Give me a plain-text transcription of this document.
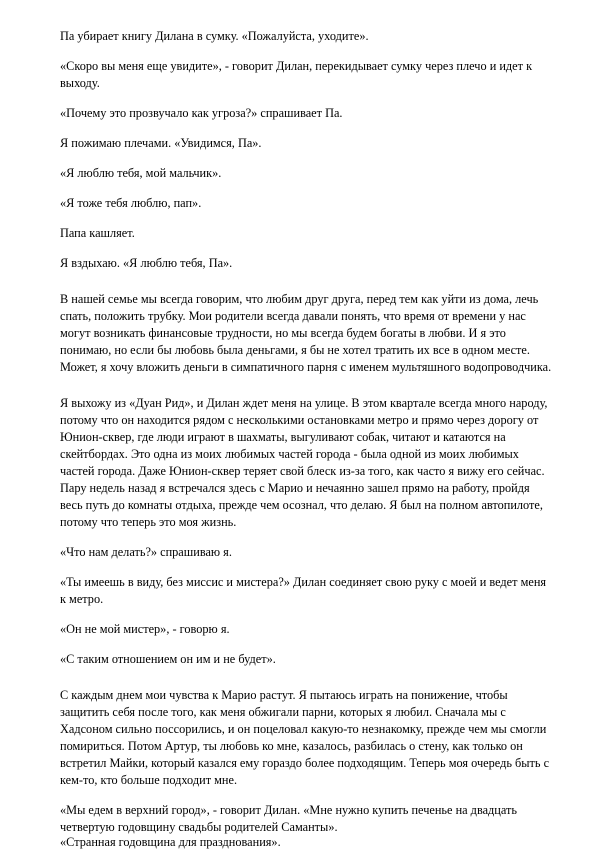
Па убирает книгу Дилана в сумку. «Пожалуйста, уходите».
«Скоро вы меня еще увидите», - говорит Дилан, перекидывает сумку через плечо и идет к
выходу.
«Почему это прозвучало как угроза?» спрашивает Па.
Я пожимаю плечами. «Увидимся, Па».
«Я люблю тебя, мой мальчик».
«Я тоже тебя люблю, пап».
Папа кашляет.
Я вздыхаю. «Я люблю тебя, Па».
В нашей семье мы всегда говорим, что любим друг друга, перед тем как уйти из дома, лечь
спать, положить трубку. Мои родители всегда давали понять, что время от времени у нас
могут возникать финансовые трудности, но мы всегда будем богаты в любви. И я это
понимаю, но если бы любовь была деньгами, я бы не хотел тратить их все в одном месте.
Может, я хочу вложить деньги в симпатичного парня с именем мультяшного водопроводчика.
Я выхожу из «Дуан Рид», и Дилан ждет меня на улице. В этом квартале всегда много народу,
потому что он находится рядом с несколькими остановками метро и прямо через дорогу от
Юнион-сквер, где люди играют в шахматы, выгуливают собак, читают и катаются на
скейтбордах. Это одна из моих любимых частей города - была одной из моих любимых
частей города. Даже Юнион-сквер теряет свой блеск из-за того, как часто я вижу его сейчас.
Пару недель назад я встречался здесь с Марио и нечаянно зашел прямо на работу, пройдя
весь путь до комнаты отдыха, прежде чем осознал, что делаю. Я был на полном автопилоте,
потому что теперь это моя жизнь.
«Что нам делать?» спрашиваю я.
«Ты имеешь в виду, без миссис и мистера?» Дилан соединяет свою руку с моей и ведет меня
к метро.
«Он не мой мистер», - говорю я.
«С таким отношением он им и не будет».
С каждым днем мои чувства к Марио растут. Я пытаюсь играть на понижение, чтобы
защитить себя после того, как меня обжигали парни, которых я любил. Сначала мы с
Хадсоном сильно поссорились, и он поцеловал какую-то незнакомку, прежде чем мы смогли
помириться. Потом Артур, ты любовь ко мне, казалось, разбилась о стену, как только он
встретил Майки, который казался ему гораздо более подходящим. Теперь моя очередь быть с
кем-то, кто больше подходит мне.
«Мы едем в верхний город», - говорит Дилан. «Мне нужно купить печенье на двадцать
четвертую годовщину свадьбы родителей Саманты».
«Странная годовщина для празднования».
